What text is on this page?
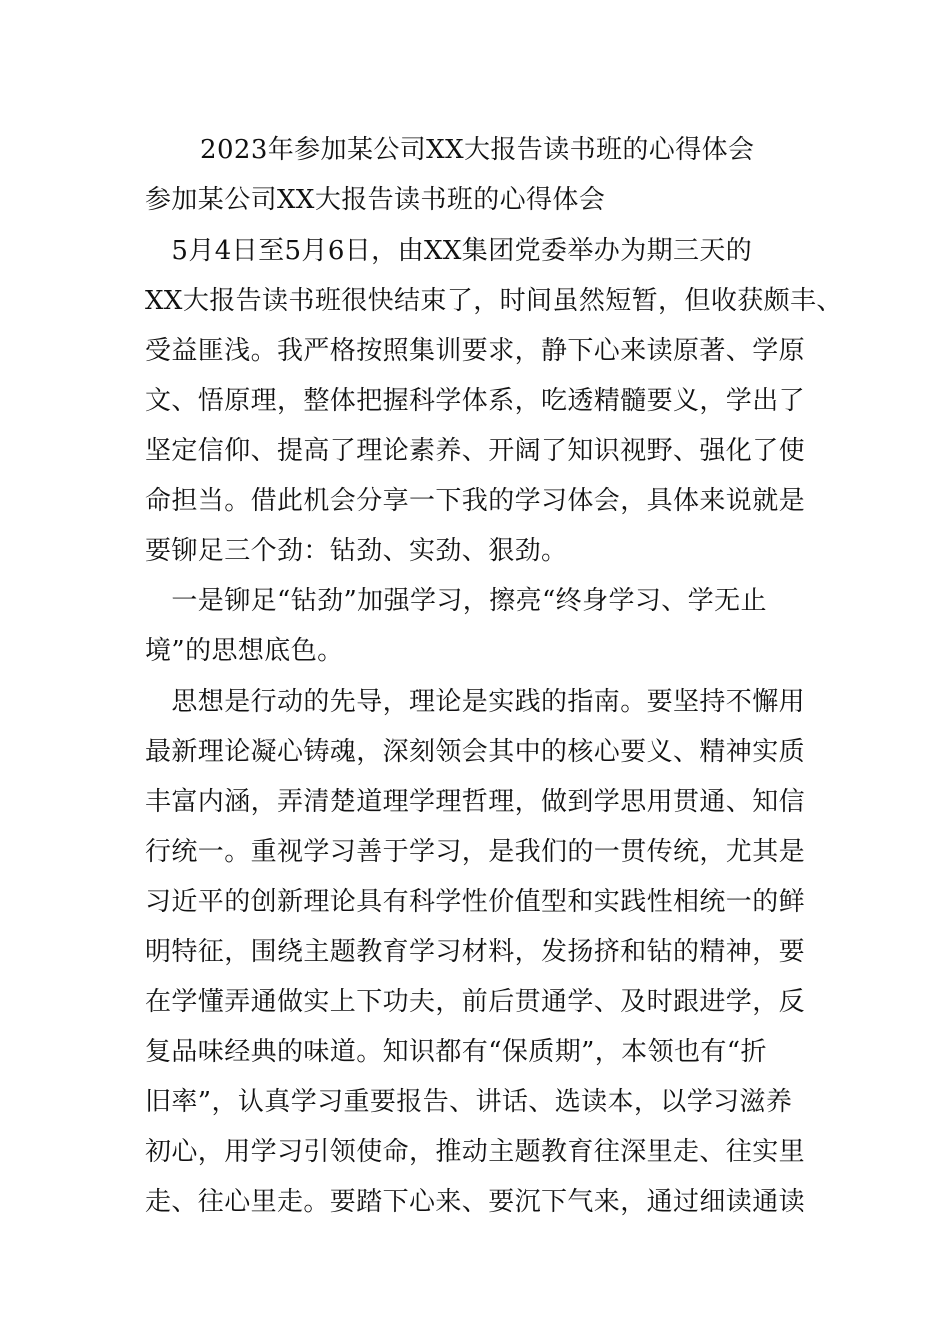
2023年参加某公司XX大报告读书班的心得体会
参加某公司XX大报告读书班的心得体会
　5月4日至5月6日，由XX集团党委举办为期三天的
XX大报告读书班很快结束了，时间虽然短暂，但收获颇丰、
受益匪浅。我严格按照集训要求，静下心来读原著、学原
文、悟原理，整体把握科学体系，吃透精髓要义，学出了
坚定信仰、提高了理论素养、开阔了知识视野、强化了使
命担当。借此机会分享一下我的学习体会，具体来说就是
要铆足三个劲：钻劲、实劲、狠劲。
　一是铆足“钻劲”加强学习，擦亮“终身学习、学无止
境”的思想底色。
　思想是行动的先导，理论是实践的指南。要坚持不懈用
最新理论凝心铸魂，深刻领会其中的核心要义、精神实质
丰富内涵，弄清楚道理学理哲理，做到学思用贯通、知信
行统一。重视学习善于学习，是我们的一贯传统，尤其是
习近平的创新理论具有科学性价值型和实践性相统一的鲜
明特征，围绕主题教育学习材料，发扬挤和钻的精神，要
在学懂弄通做实上下功夫，前后贯通学、及时跟进学，反
复品味经典的味道。知识都有“保质期”，本领也有“折
旧率”，认真学习重要报告、讲话、选读本，以学习滋养
初心，用学习引领使命，推动主题教育往深里走、往实里
走、往心里走。要踏下心来、要沉下气来，通过细读通读
